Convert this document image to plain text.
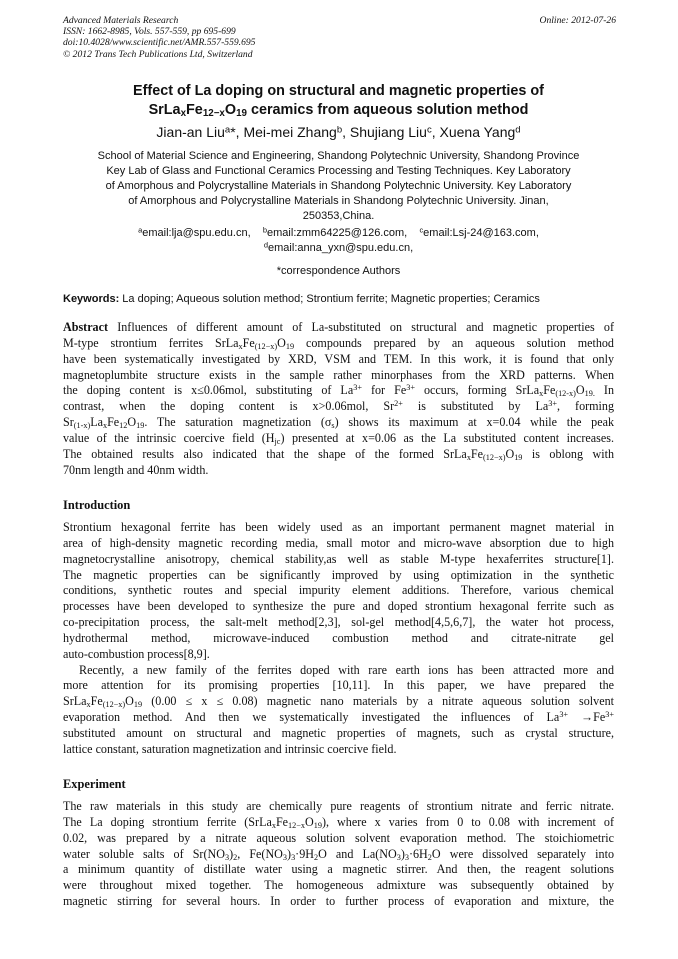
Advanced Materials Research
ISSN: 1662-8985, Vols. 557-559, pp 695-699
doi:10.4028/www.scientific.net/AMR.557-559.695
© 2012 Trans Tech Publications Ltd, Switzerland
Online: 2012-07-26
Effect of La doping on structural and magnetic properties of
$SrLa_xFe_{12-x}O_{19}$ ceramics from aqueous solution method
Jian-an Liu$^a$*, Mei-mei Zhang$^b$, Shujiang Liu$^c$, Xuena Yang$^d$
School of Material Science and Engineering, Shandong Polytechnic University, Shandong Province
Key Lab of Glass and Functional Ceramics Processing and Testing Techniques. Key Laboratory
of Amorphous and Polycrystalline Materials in Shandong Polytechnic University. Key Laboratory
of Amorphous and Polycrystalline Materials in Shandong Polytechnic University. Jinan,
250353,China.
$^a$email:lja@spu.edu.cn,    $^b$email:zmm64225@126.com,    $^c$email:Lsj-24@163.com,
$^d$email:anna_yxn@spu.edu.cn,
*correspondence Authors
Keywords: La doping; Aqueous solution method; Strontium ferrite; Magnetic properties; Ceramics
Abstract Influences of different amount of La-substituted on structural and magnetic properties of
M-type strontium ferrites $SrLa_xFe_{(12-x)}O_{19}$ compounds prepared by an aqueous solution method
have been systematically investigated by XRD, VSM and TEM. In this work, it is found that only
magnetoplumbite structure exists in the sample rather minorphases from the XRD patterns. When
the doping content is x≤0.06mol, substituting of $La^{3+}$ for $Fe^{3+}$ occurs, forming $SrLa_xFe_{(12-x)}O_{19.}$ In
contrast, when the doping content is x>0.06mol, $Sr^{2+}$ is substituted by $La^{3+}$, forming
$Sr_{(1-x)}La_xFe_{12}O_{19}$. The saturation magnetization $(\sigma_s)$ shows its maximum at x=0.04 while the peak
value of the intrinsic coercive field $(H_{jc})$ presented at x=0.06 as the La substituted content increases.
The obtained results also indicated that the shape of the formed $SrLa_xFe_{(12-x)}O_{19}$ is oblong with
70nm length and 40nm width.
Introduction
Strontium hexagonal ferrite has been widely used as an important permanent magnet material in
area of high-density magnetic recording media, small motor and micro-wave absorption due to high
magnetocrystalline anisotropy, chemical stability,as well as stable M-type hexaferrites structure[1].
The magnetic properties can be significantly improved by using optimization in the synthetic
conditions, synthetic routes and special impurity element additions. Therefore, various chemical
processes have been developed to synthesize the pure and doped strontium hexagonal ferrite such as
co-precipitation process, the salt-melt method[2,3], sol-gel method[4,5,6,7], the water hot process,
hydrothermal method, microwave-induced combustion method and citrate-nitrate gel
auto-combustion process[8,9].
Recently, a new family of the ferrites doped with rare earth ions has been attracted more and
more attention for its promising properties [10,11]. In this paper, we have prepared the
$SrLa_xFe_{(12-x)}O_{19}$ (0.00 ≤ x ≤ 0.08) magnetic nano materials by a nitrate aqueous solution solvent
evaporation method. And then we systematically investigated the influences of $La^{3+} \to Fe^{3+}$
substituted amount on structural and magnetic properties of magnets, such as crystal structure,
lattice constant, saturation magnetization and intrinsic coercive field.
Experiment
The raw materials in this study are chemically pure reagents of strontium nitrate and ferric nitrate.
The La doping strontium ferrite $(SrLa_xFe_{12-x}O_{19})$, where x varies from 0 to 0.08 with increment of
0.02, was prepared by a nitrate aqueous solution solvent evaporation method. The stoichiometric
water soluble salts of $Sr(NO_3)_2$, $Fe(NO_3)_3\cdot 9H_2O$ and $La(NO_3)_3\cdot 6H_2O$ were dissolved separately into
a minimum quantity of distillate water using a magnetic stirrer. And then, the reagent solutions
were throughout mixed together. The homogeneous admixture was subsequently obtained by
magnetic stirring for several hours. In order to further process of evaporation and mixture, the
